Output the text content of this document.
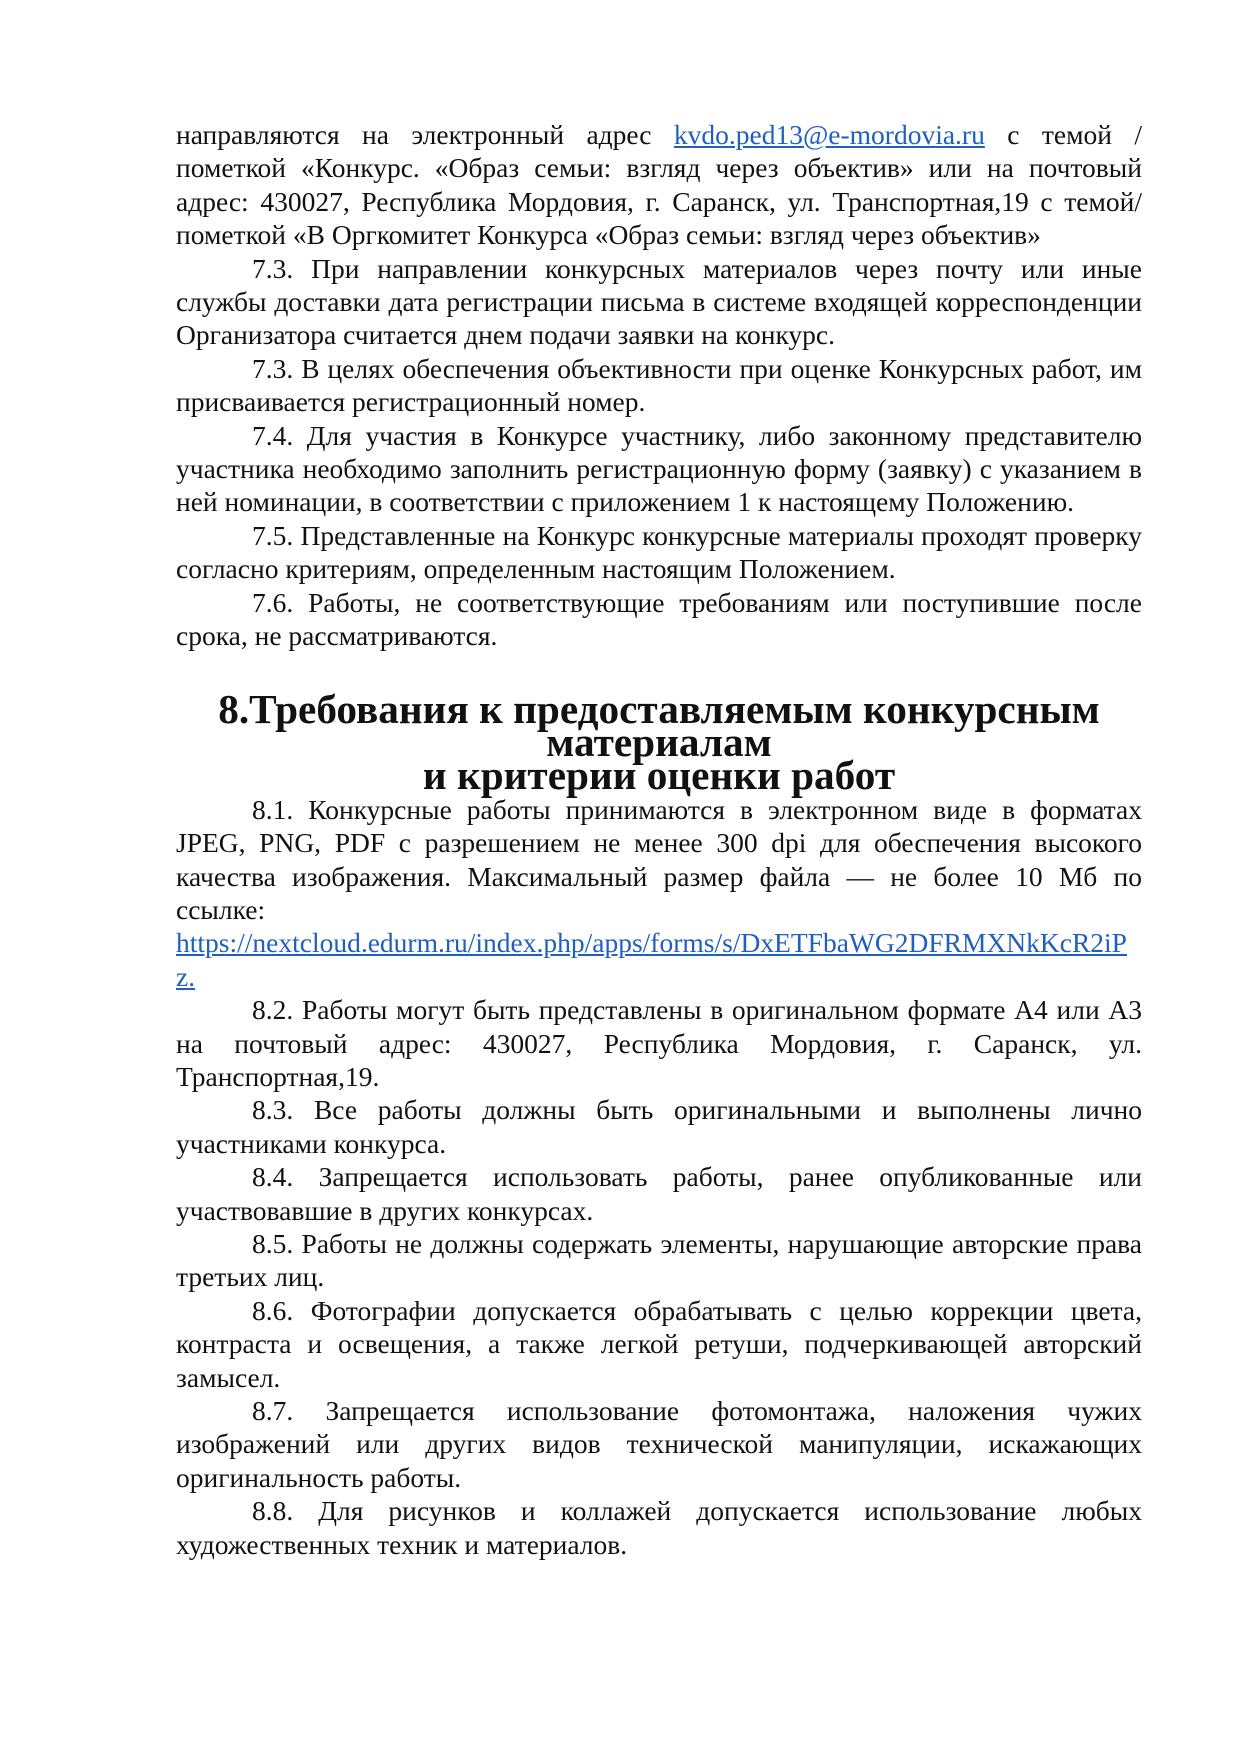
направляются на электронный адрес kvdo.ped13@e-mordovia.ru с темой / пометкой «Конкурс. «Образ семьи: взгляд через объектив» или на почтовый адрес: 430027, Республика Мордовия, г. Саранск, ул. Транспортная,19 с темой/пометкой «В Оргкомитет Конкурса «Образ семьи: взгляд через объектив»

7.3. При направлении конкурсных материалов через почту или иные службы доставки дата регистрации письма в системе входящей корреспонденции Организатора считается днем подачи заявки на конкурс.

7.3. В целях обеспечения объективности при оценке Конкурсных работ, им присваивается регистрационный номер.

7.4. Для участия в Конкурсе участнику, либо законному представителю участника необходимо заполнить регистрационную форму (заявку) с указанием в ней номинации, в соответствии с приложением 1 к настоящему Положению.

7.5. Представленные на Конкурс конкурсные материалы проходят проверку согласно критериям, определенным настоящим Положением.

7.6. Работы, не соответствующие требованиям или поступившие после срока, не рассматриваются.

8.Требования к предоставляемым конкурсным материалам
и критерии оценки работ

8.1. Конкурсные работы принимаются в электронном виде в форматах JPEG, PNG, PDF с разрешением не менее 300 dpi для обеспечения высокого качества изображения. Максимальный размер файла — не более 10 Мб по ссылке:

https://nextcloud.edurm.ru/index.php/apps/forms/s/DxETFbaWG2DFRMXNkKcR2iPz.

8.2. Работы могут быть представлены в оригинальном формате А4 или А3 на почтовый адрес: 430027, Республика Мордовия, г. Саранск, ул. Транспортная,19.

8.3. Все работы должны быть оригинальными и выполнены лично участниками конкурса.

8.4. Запрещается использовать работы, ранее опубликованные или участвовавшие в других конкурсах.

8.5. Работы не должны содержать элементы, нарушающие авторские права третьих лиц.

8.6. Фотографии допускается обрабатывать с целью коррекции цвета, контраста и освещения, а также легкой ретуши, подчеркивающей авторский замысел.

8.7. Запрещается использование фотомонтажа, наложения чужих изображений или других видов технической манипуляции, искажающих оригинальность работы.

8.8. Для рисунков и коллажей допускается использование любых художественных техник и материалов.
